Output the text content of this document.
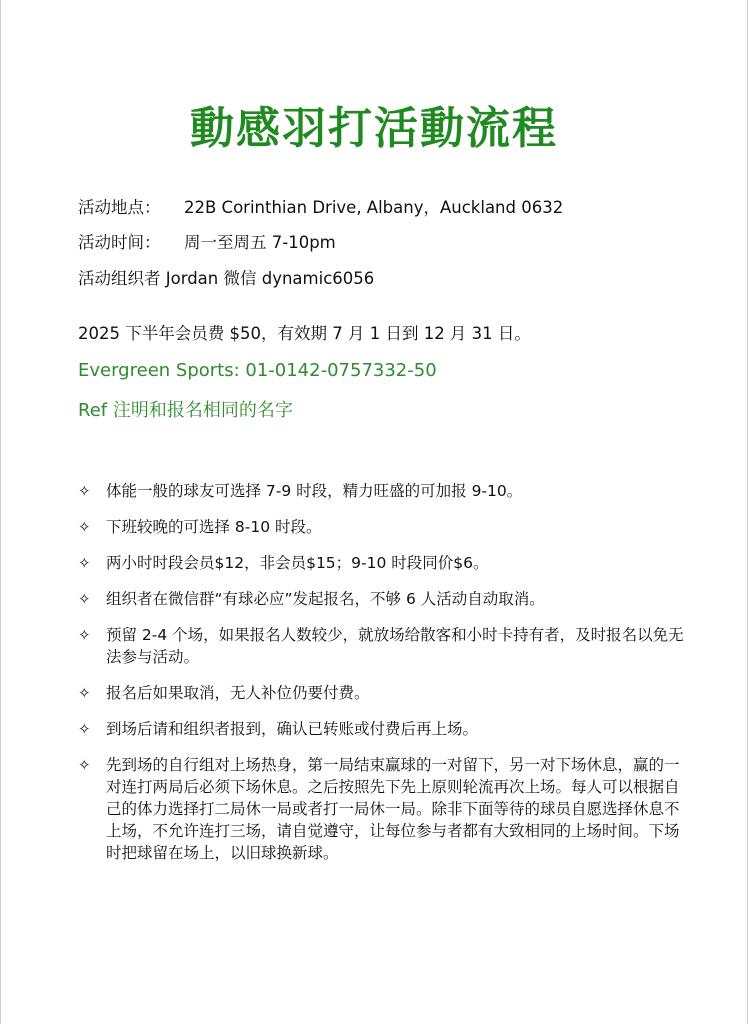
動感羽打活動流程
活动地点： 22B Corinthian Drive, Albany，Auckland 0632
活动时间： 周一至周五 7-10pm
活动组织者 Jordan 微信 dynamic6056
2025 下半年会员费 $50，有效期 7 月 1 日到 12 月 31 日。
Evergreen Sports: 01-0142-0757332-50
Ref 注明和报名相同的名字
✧ 体能一般的球友可选择 7-9 时段，精力旺盛的可加报 9-10。
✧ 下班较晚的可选择 8-10 时段。
✧ 两小时时段会员$12，非会员$15；9-10 时段同价$6。
✧ 组织者在微信群“有球必应”发起报名，不够 6 人活动自动取消。
✧ 预留 2-4 个场，如果报名人数较少，就放场给散客和小时卡持有者，及时报名以免无法参与活动。
✧ 报名后如果取消，无人补位仍要付费。
✧ 到场后请和组织者报到，确认已转账或付费后再上场。
✧ 先到场的自行组对上场热身，第一局结束赢球的一对留下，另一对下场休息，赢的一对连打两局后必须下场休息。之后按照先下先上原则轮流再次上场。每人可以根据自己的体力选择打二局休一局或者打一局休一局。除非下面等待的球员自愿选择休息不上场，不允许连打三场，请自觉遵守，让每位参与者都有大致相同的上场时间。下场时把球留在场上，以旧球换新球。
